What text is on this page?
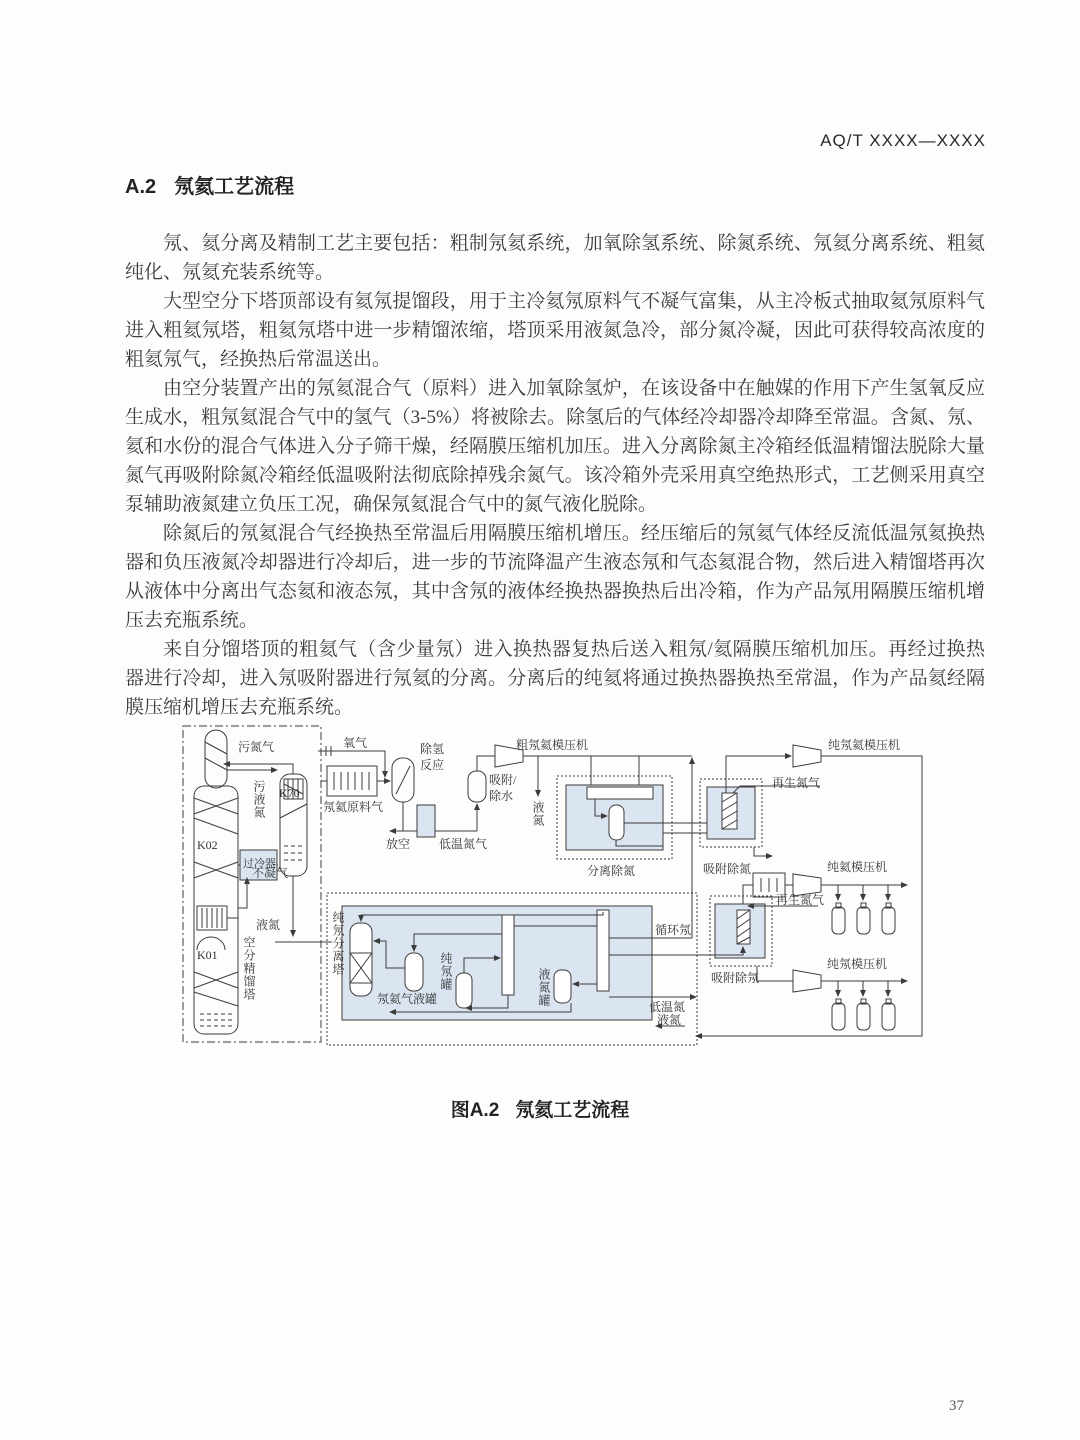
AQ/T XXXX—XXXX
A.2 氖氦工艺流程

氖、氦分离及精制工艺主要包括：粗制氖氦系统，加氧除氢系统、除氮系统、氖氦分离系统、粗氦纯化、氖氦充装系统等。

大型空分下塔顶部设有氦氖提馏段，用于主冷氦氖原料气不凝气富集，从主冷板式抽取氦氖原料气进入粗氦氖塔，粗氦氖塔中进一步精馏浓缩，塔顶采用液氮急冷，部分氮冷凝，因此可获得较高浓度的粗氦氖气，经换热后常温送出。

由空分装置产出的氖氦混合气（原料）进入加氧除氢炉，在该设备中在触媒的作用下产生氢氧反应生成水，粗氖氦混合气中的氢气（3-5%）将被除去。除氢后的气体经冷却器冷却降至常温。含氮、氖、氦和水份的混合气体进入分子筛干燥，经隔膜压缩机加压。进入分离除氮主冷箱经低温精馏法脱除大量氮气再吸附除氮冷箱经低温吸附法彻底除掉残余氮气。该冷箱外壳采用真空绝热形式，工艺侧采用真空泵辅助液氮建立负压工况，确保氖氦混合气中的氮气液化脱除。

除氮后的氖氦混合气经换热至常温后用隔膜压缩机增压。经压缩后的氖氦气体经反流低温氖氦换热器和负压液氮冷却器进行冷却后，进一步的节流降温产生液态氖和气态氦混合物，然后进入精馏塔再次从液体中分离出气态氦和液态氖，其中含氖的液体经换热器换热后出冷箱，作为产品氖用隔膜压缩机增压去充瓶系统。

来自分馏塔顶的粗氦气（含少量氖）进入换热器复热后送入粗氖/氦隔膜压缩机加压。再经过换热器进行冷却，进入氖吸附器进行氖氦的分离。分离后的纯氦将通过换热器换热至常温，作为产品氦经隔膜压缩机增压去充瓶系统。

污氮气
污液氮 K70
K02
过冷器
不凝气
液氮
K01 空分精馏塔
氧气
氖氦原料气
除氢
反应
放空 低温氮气
吸附/
除水
粗氖氦模压机
液氮
分离除氮	吸附除氮
再生氮气
纯氖氦模压机
纯氦模压机
再生氮气
吸附除氖
纯氖模压机
循环氖
低温氮
液氮
纯氖分离塔
氖氦气液罐
纯氖罐	液氮罐
图A.2 氖氦工艺流程
37
